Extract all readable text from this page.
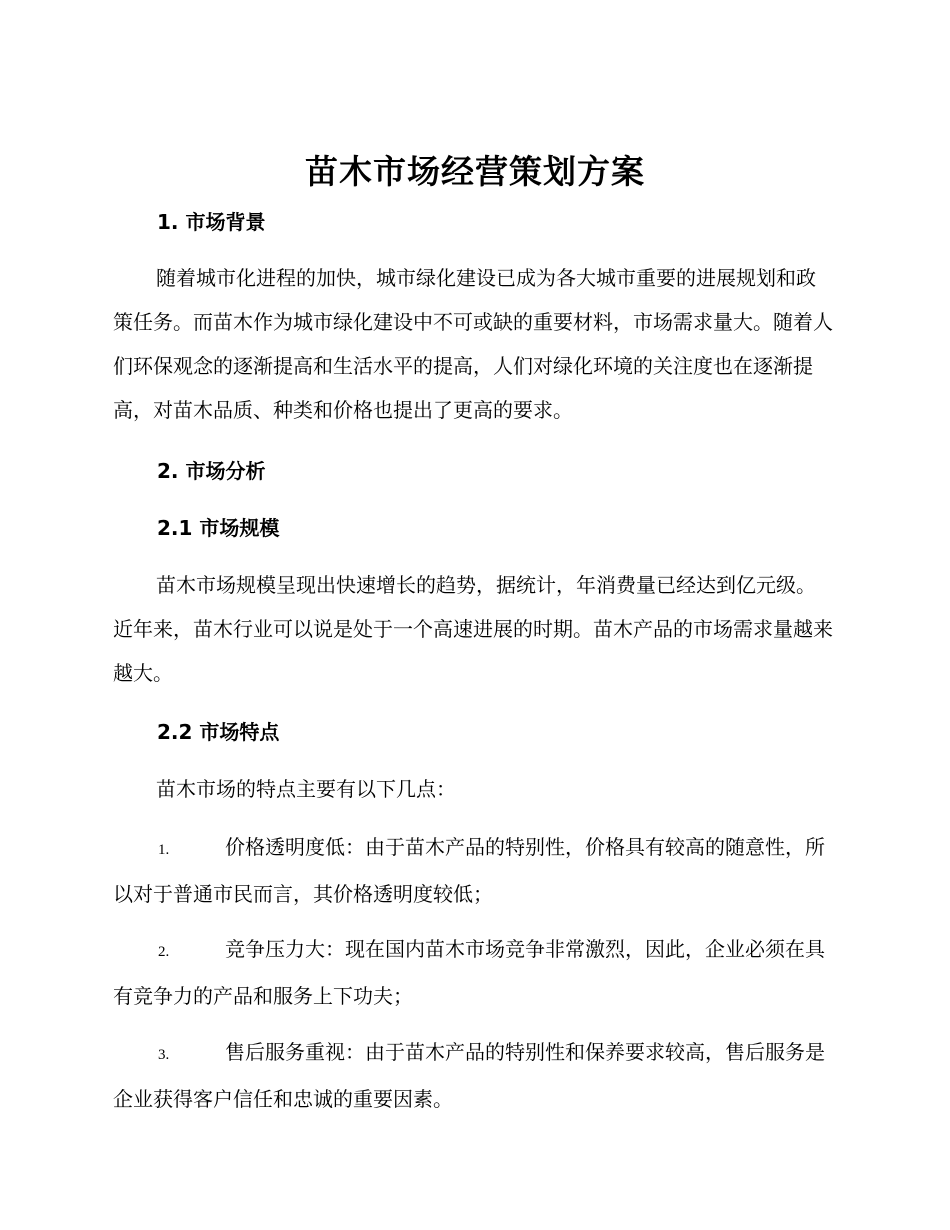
苗木市场经营策划方案
1. 市场背景

随着城市化进程的加快，城市绿化建设已成为各大城市重要的进展规划和政策任务。而苗木作为城市绿化建设中不可或缺的重要材料，市场需求量大。随着人们环保观念的逐渐提高和生活水平的提高，人们对绿化环境的关注度也在逐渐提高，对苗木品质、种类和价格也提出了更高的要求。

2. 市场分析
2.1 市场规模

苗木市场规模呈现出快速增长的趋势，据统计，年消费量已经达到亿元级。近年来，苗木行业可以说是处于一个高速进展的时期。苗木产品的市场需求量越来越大。

2.2 市场特点

苗木市场的特点主要有以下几点：

1.	价格透明度低：由于苗木产品的特别性，价格具有较高的随意性，所以对于普通市民而言，其价格透明度较低；

2.	竞争压力大：现在国内苗木市场竞争非常激烈，因此，企业必须在具有竞争力的产品和服务上下功夫；

3.	售后服务重视：由于苗木产品的特别性和保养要求较高，售后服务是企业获得客户信任和忠诚的重要因素。
